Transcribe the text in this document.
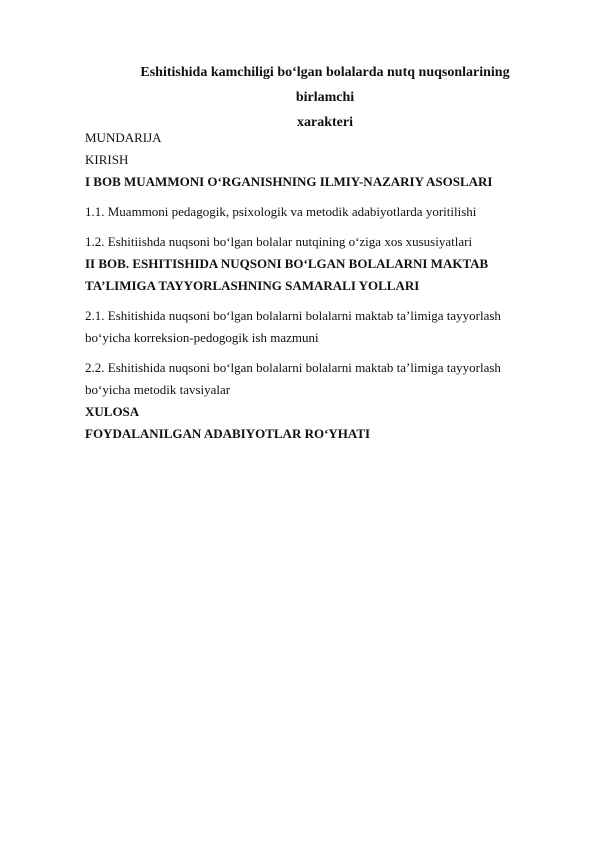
Eshitishida kamchiligi bo‘lgan bolalarda nutq nuqsonlarining birlamchi
xarakteri
MUNDARIJA
KIRISH
I BOB MUAMMONI O‘RGANISHNING ILMIY-NAZARIY ASOSLARI
1.1. Muammoni pedagogik, psixologik va metodik adabiyotlarda yoritilishi
1.2. Eshitiishda nuqsoni bo‘lgan bolalar nutqining o‘ziga xos xususiyatlari
II BOB. ESHITISHIDA NUQSONI BO‘LGAN BOLALARNI MAKTAB
TA’LIMIGA TAYYORLASHNING SAMARALI YOLLARI
2.1. Eshitishida nuqsoni bo‘lgan bolalarni bolalarni maktab ta’limiga tayyorlash
bo‘yicha korreksion-pedogogik ish mazmuni
2.2. Eshitishida nuqsoni bo‘lgan bolalarni bolalarni maktab ta’limiga tayyorlash
bo‘yicha metodik tavsiyalar
XULOSA
FOYDALANILGAN ADABIYOTLAR RO‘YHATI
